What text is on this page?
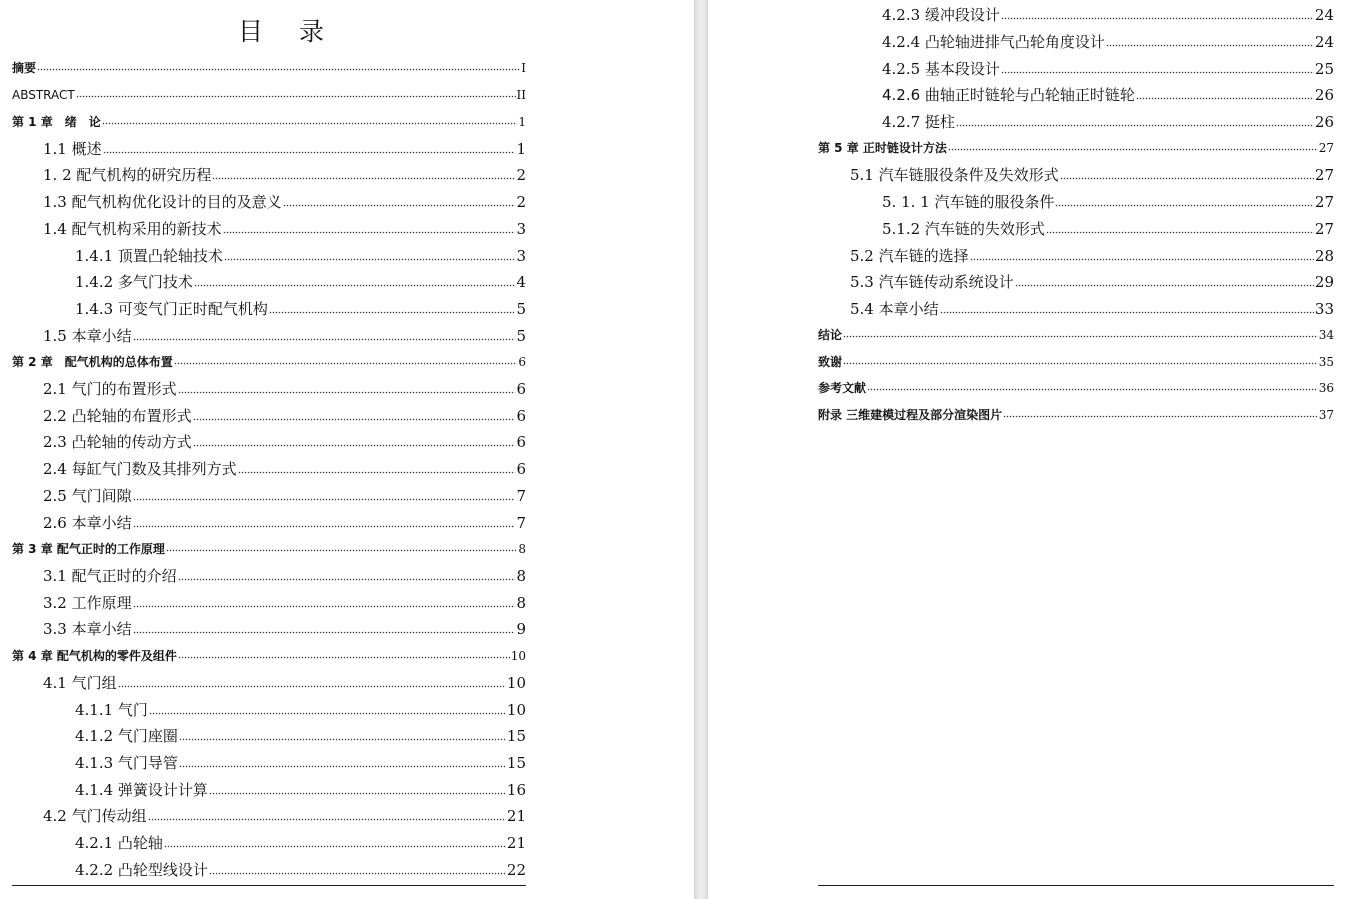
目 录
摘要	I
ABSTRACT	II
第 1 章　绪　论	1
1.1 概述	1
1. 2 配气机构的研究历程	2
1.3 配气机构优化设计的目的及意义	2
1.4 配气机构采用的新技术	3
1.4.1 顶置凸轮轴技术	3
1.4.2 多气门技术	4
1.4.3 可变气门正时配气机构	5
1.5 本章小结	5
第 2 章　配气机构的总体布置	6
2.1 气门的布置形式	6
2.2 凸轮轴的布置形式	6
2.3 凸轮轴的传动方式	6
2.4 每缸气门数及其排列方式	6
2.5 气门间隙	7
2.6 本章小结	7
第 3 章 配气正时的工作原理	8
3.1 配气正时的介绍	8
3.2 工作原理	8
3.3 本章小结	9
第 4 章 配气机构的零件及组件	10
4.1 气门组	10
4.1.1 气门	10
4.1.2 气门座圈	15
4.1.3 气门导管	15
4.1.4 弹簧设计计算	16
4.2 气门传动组	21
4.2.1 凸轮轴	21
4.2.2 凸轮型线设计	22
4.2.3 缓冲段设计	24
4.2.4 凸轮轴进排气凸轮角度设计	24
4.2.5 基本段设计	25
4.2.6 曲轴正时链轮与凸轮轴正时链轮	26
4.2.7 挺柱	26
第 5 章 正时链设计方法	27
5.1 汽车链服役条件及失效形式	27
5. 1. 1 汽车链的服役条件	27
5.1.2 汽车链的失效形式	27
5.2 汽车链的选择	28
5.3 汽车链传动系统设计	29
5.4 本章小结	33
结论	34
致谢	35
参考文献	36
附录 三维建模过程及部分渲染图片	37
